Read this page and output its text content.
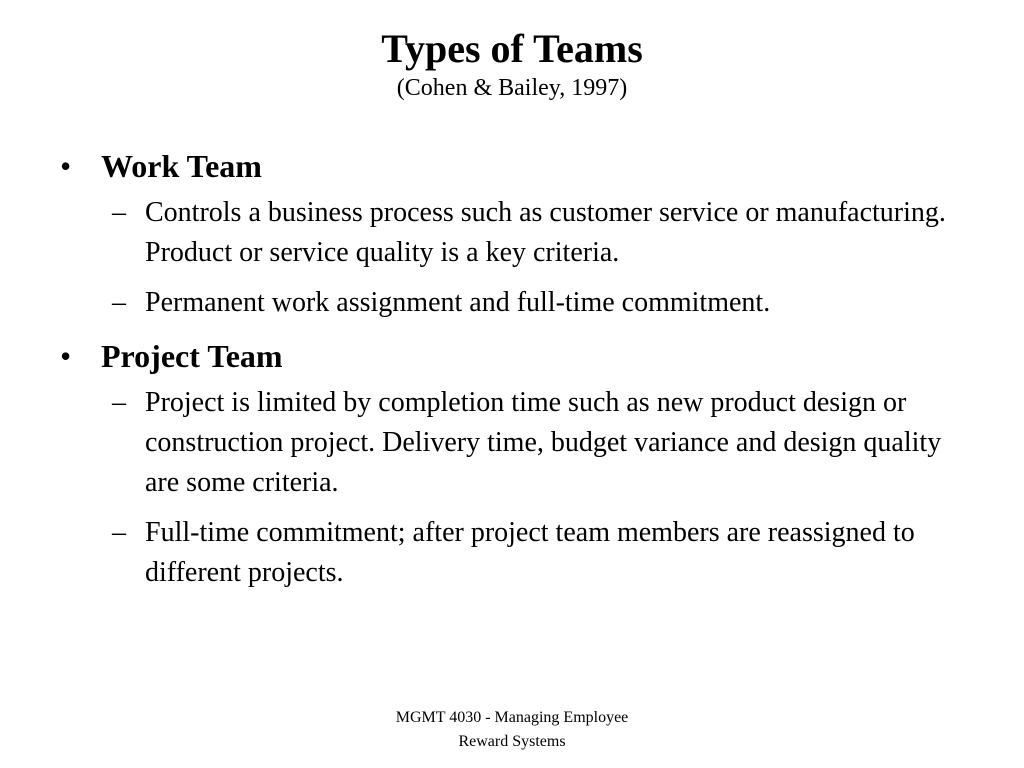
Types of Teams
(Cohen & Bailey, 1997)
• Work Team
– Controls a business process such as customer service or manufacturing. Product or service quality is a key criteria.
– Permanent work assignment and full-time commitment.
• Project Team
– Project is limited by completion time such as new product design or construction project. Delivery time, budget variance and design quality are some criteria.
– Full-time commitment; after project team members are reassigned to different projects.
MGMT 4030 - Managing Employee
Reward Systems
